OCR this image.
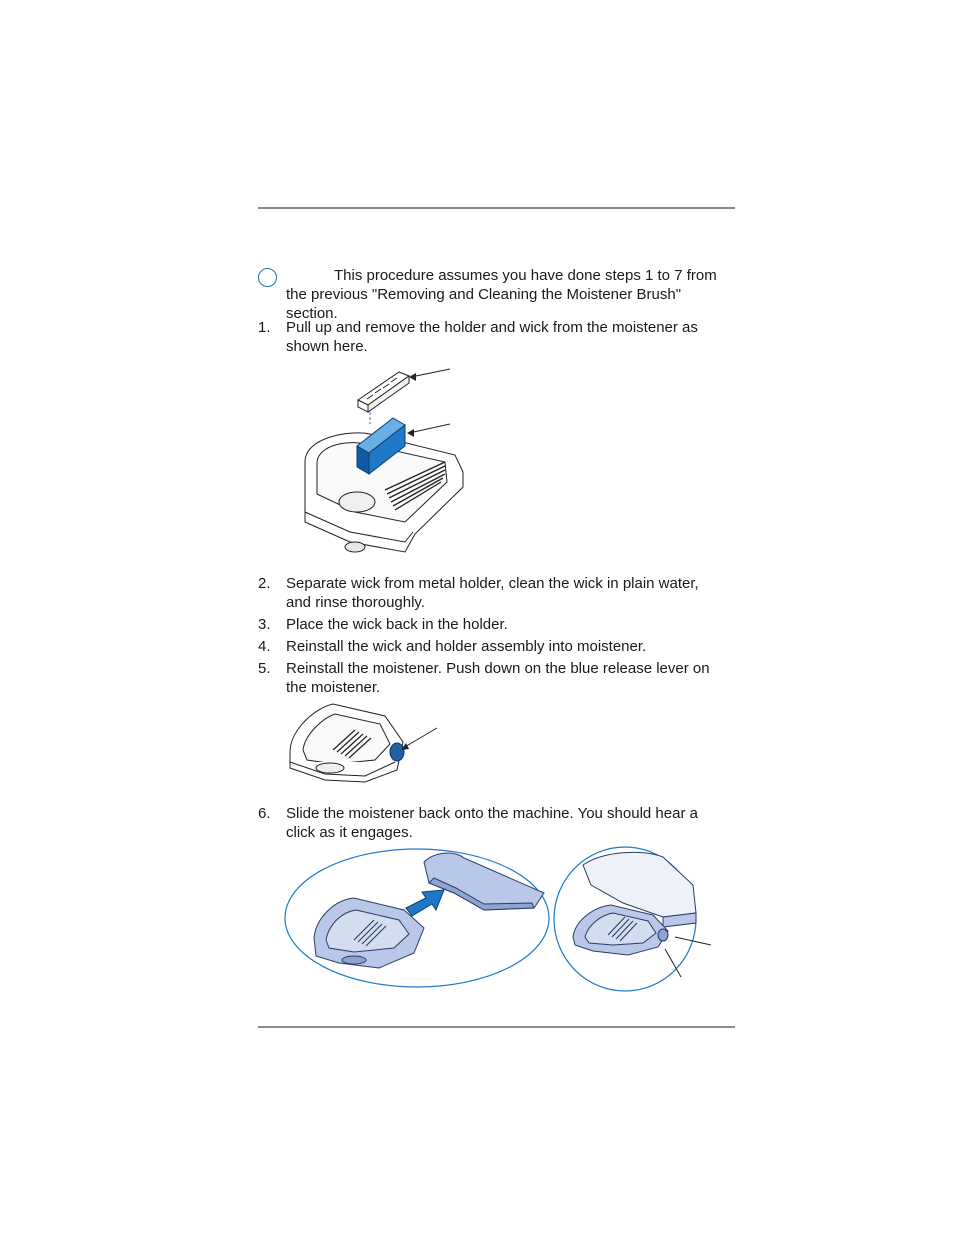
This procedure assumes you have done steps 1 to 7 from
the previous "Removing and Cleaning the Moistener Brush" section.
1.	Pull up and remove the holder and wick from the moistener as
shown here.
2.	Separate wick from metal holder, clean the wick in plain water,
and rinse thoroughly.
3.	Place the wick back in the holder.
4.	Reinstall the wick and holder assembly into moistener.
5.	Reinstall the moistener. Push down on the blue release lever on
the moistener.
6.	Slide the moistener back onto the machine. You should hear a
click as it engages.
